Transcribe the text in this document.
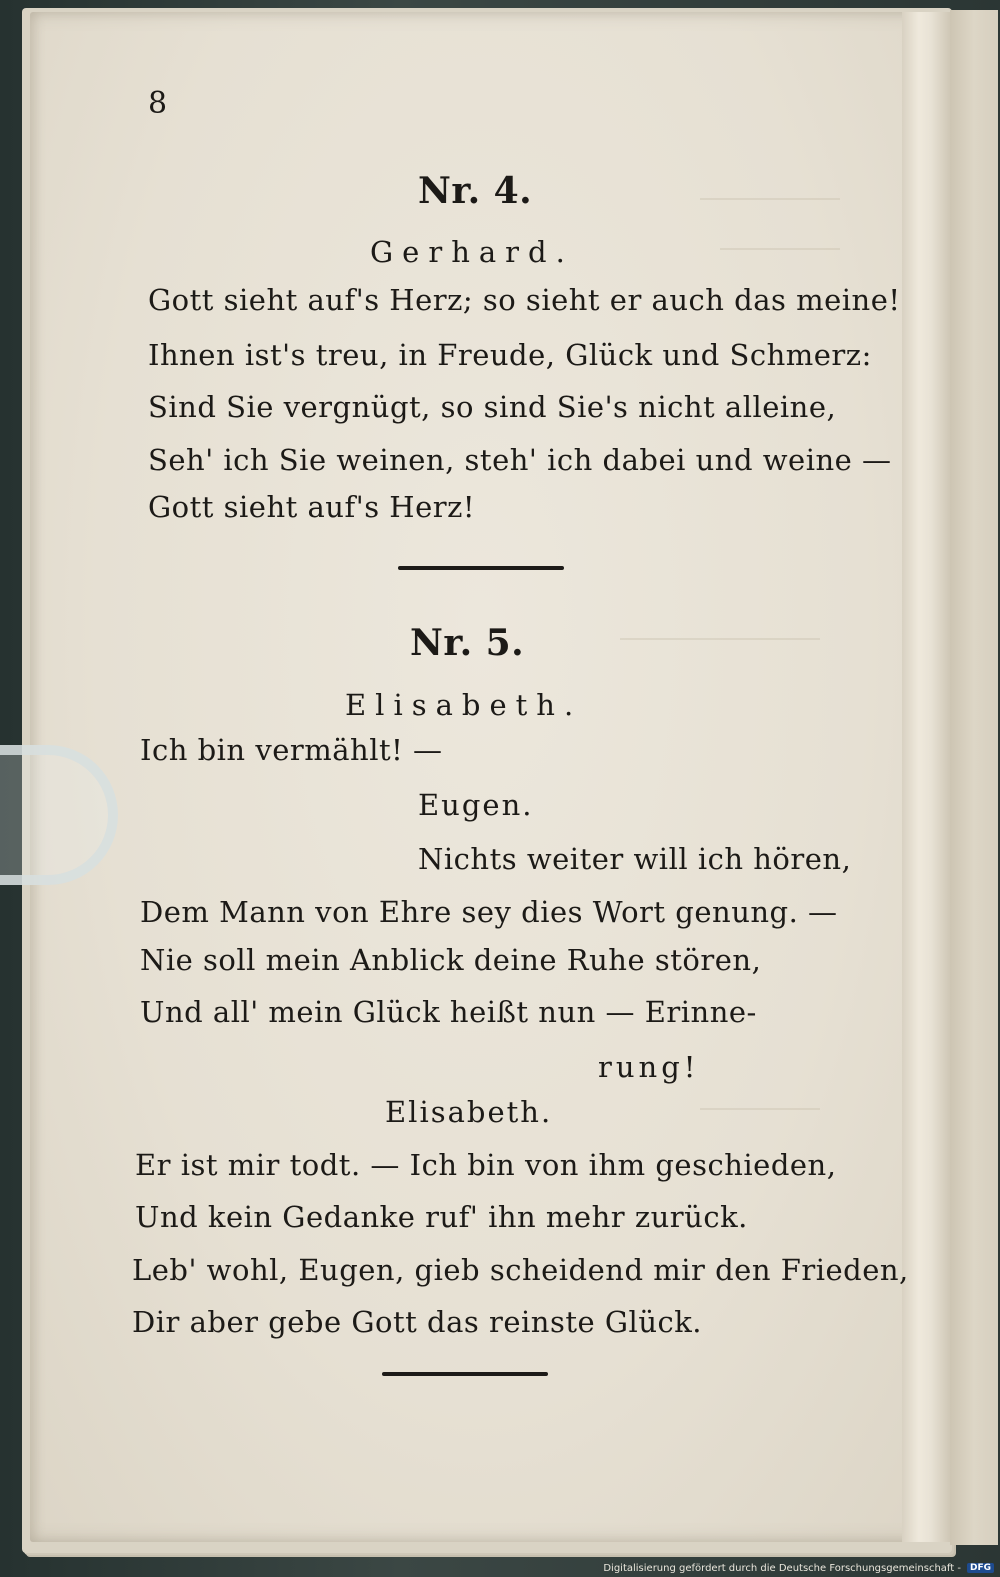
8
Nr. 4.
Gerhard.
Gott sieht auf's Herz; so sieht er auch das meine!
Ihnen ist's treu, in Freude, Glück und Schmerz:
Sind Sie vergnügt, so sind Sie's nicht alleine,
Seh' ich Sie weinen, steh' ich dabei und weine —
Gott sieht auf's Herz!
Nr. 5.
Elisabeth.
Ich bin vermählt! —
Eugen.
Nichts weiter will ich hören,
Dem Mann von Ehre sey dies Wort genung. —
Nie soll mein Anblick deine Ruhe stören,
Und all' mein Glück heißt nun — Erinne-
rung!
Elisabeth.
Er ist mir todt. — Ich bin von ihm geschieden,
Und kein Gedanke ruf' ihn mehr zurück.
Leb' wohl, Eugen, gieb scheidend mir den Frieden,
Dir aber gebe Gott das reinste Glück.
Digitalisierung gefördert durch die Deutsche Forschungsgemeinschaft -	DFG
